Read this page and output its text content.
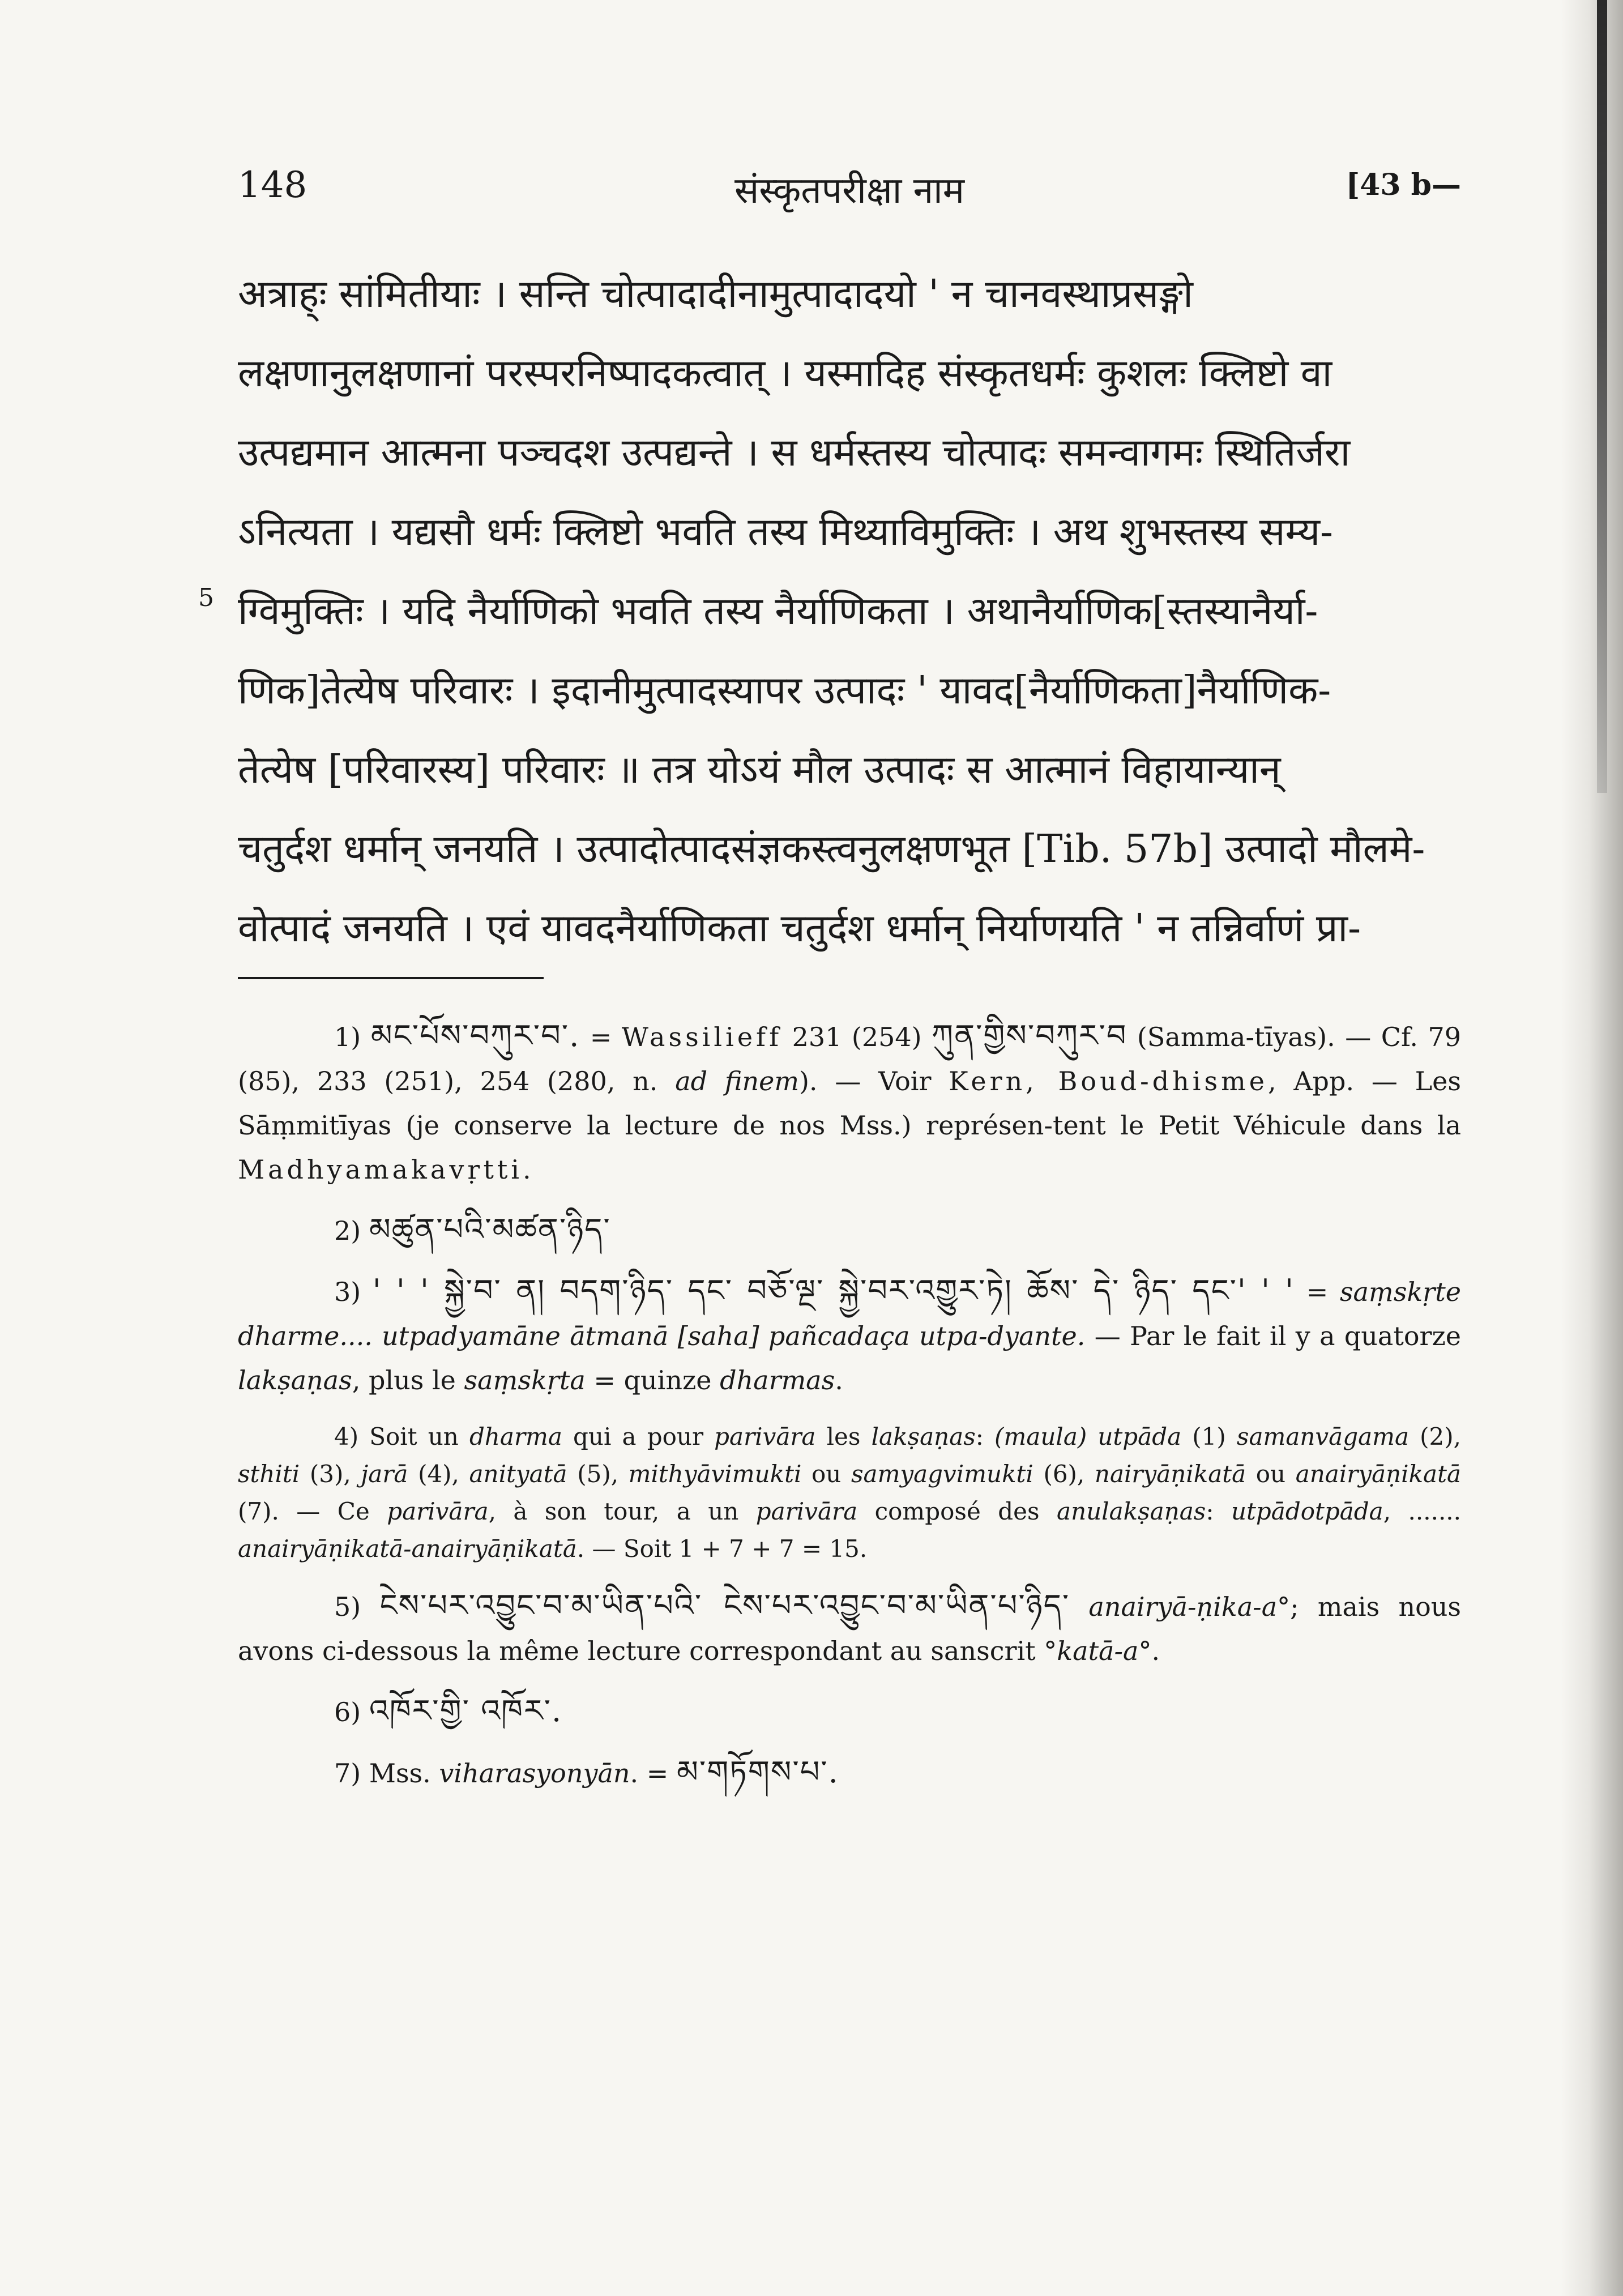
148	संस्कृतपरीक्षा नाम	[43 b—
अत्राह्ः सांमितीयाः । सन्ति चोत्पादादीनामुत्पादादयो ' न चानवस्थाप्रसङ्गो
लक्षणानुलक्षणानां परस्परनिष्पादकत्वात् । यस्मादिह संस्कृतधर्मः कुशलः क्लिष्टो वा
उत्पद्यमान आत्मना पञ्चदश उत्पद्यन्ते । स धर्मस्तस्य चोत्पादः समन्वागमः स्थितिर्जरा
ऽनित्यता । यद्यसौ धर्मः क्लिष्टो भवति तस्य मिथ्याविमुक्तिः । अथ शुभस्तस्य सम्य-
ग्विमुक्तिः । यदि नैर्याणिको भवति तस्य नैर्याणिकता । अथानैर्याणिक[स्तस्यानैर्या-
णिक]तेत्येष परिवारः । इदानीमुत्पादस्यापर उत्पादः ' यावद[नैर्याणिकता]नैर्याणिक-
तेत्येष [परिवारस्य] परिवारः ॥ तत्र योऽयं मौल उत्पादः स आत्मानं विहायान्यान्
चतुर्दश धर्मान् जनयति । उत्पादोत्पादसंज्ञकस्त्वनुलक्षणभूत [Tib. 57b] उत्पादो मौलमे-
वोत्पादं जनयति । एवं यावदनैर्याणिकता चतुर्दश धर्मान् निर्याणयति ' न तन्निर्वाणं प्रा-
5

1) མང་པོས་བཀུར་བ་. = Wassilieff 231 (254) ཀུན་གྱིས་བཀུར་བ (Samma-tīyas). — Cf. 79 (85), 233 (251), 254 (280, n. ad finem). — Voir Kern, Boud-dhisme, App. — Les Sāṃmitīyas (je conserve la lecture de nos Mss.) représen-tent le Petit Véhicule dans la Madhyamakavṛtti.

2) མཚུན་པའི་མཚན་ཉིད་

3) ' ' ' སྐྱེ་བ་ ན། བདག་ཉིད་ དང་ བཅོ་ལྔ་ སྐྱེ་བར་འགྱུར་ཏེ། ཆོས་ དེ་ ཉིད་ དང་' ' ' = saṃskṛte dharme.... utpadyamāne ātmanā [saha] pañcadaça utpa-dyante. — Par le fait il y a quatorze lakṣaṇas, plus le saṃskṛta = quinze dharmas.

4) Soit un dharma qui a pour parivāra les lakṣaṇas: (maula) utpāda (1) samanvāgama (2), sthiti (3), jarā (4), anityatā (5), mithyāvimukti ou samyagvimukti (6), nairyāṇikatā ou anairyāṇikatā (7). — Ce parivāra, à son tour, a un parivāra composé des anulakṣaṇas: utpādotpāda, ....... anairyāṇikatā-anairyāṇikatā. — Soit 1 + 7 + 7 = 15.

5) ངེས་པར་འབྱུང་བ་མ་ཡིན་པའི་ ངེས་པར་འབྱུང་བ་མ་ཡིན་པ་ཉིད་ anairyā-ṇika-a°; mais nous avons ci-dessous la même lecture correspondant au sanscrit °katā-a°.

6) འཁོར་གྱི་ འཁོར་.

7) Mss. viharasyonyān. = མ་གཏོགས་པ་.
